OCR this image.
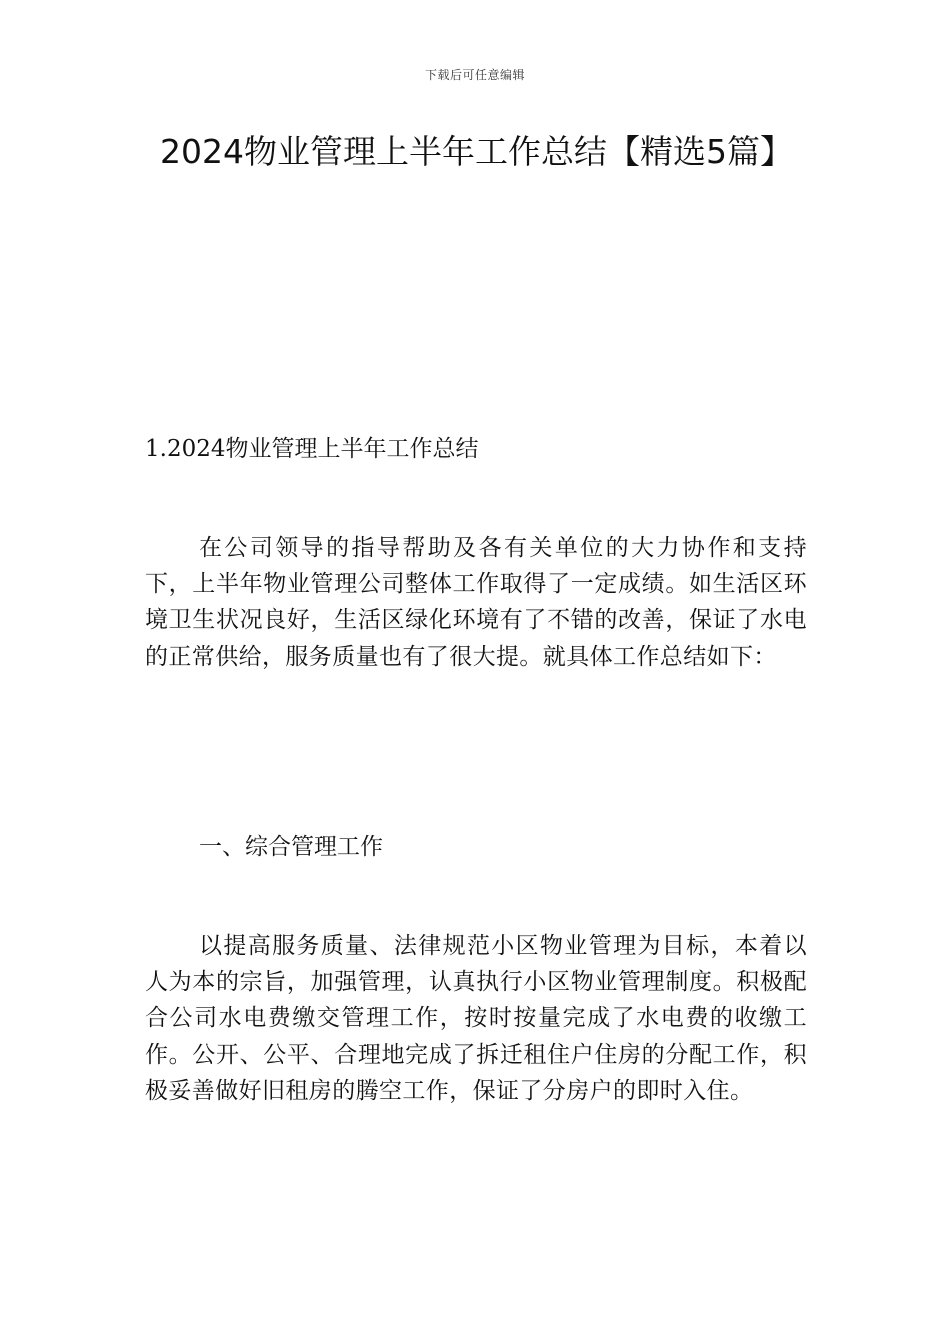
下载后可任意编辑
2024物业管理上半年工作总结【精选5篇】
1.2024物业管理上半年工作总结

在公司领导的指导帮助及各有关单位的大力协作和支持下，上半年物业管理公司整体工作取得了一定成绩。如生活区环境卫生状况良好，生活区绿化环境有了不错的改善，保证了水电的正常供给，服务质量也有了很大提。就具体工作总结如下：

一、综合管理工作

以提高服务质量、法律规范小区物业管理为目标，本着以人为本的宗旨，加强管理，认真执行小区物业管理制度。积极配合公司水电费缴交管理工作，按时按量完成了水电费的收缴工作。公开、公平、合理地完成了拆迁租住户住房的分配工作，积极妥善做好旧租房的腾空工作，保证了分房户的即时入住。
